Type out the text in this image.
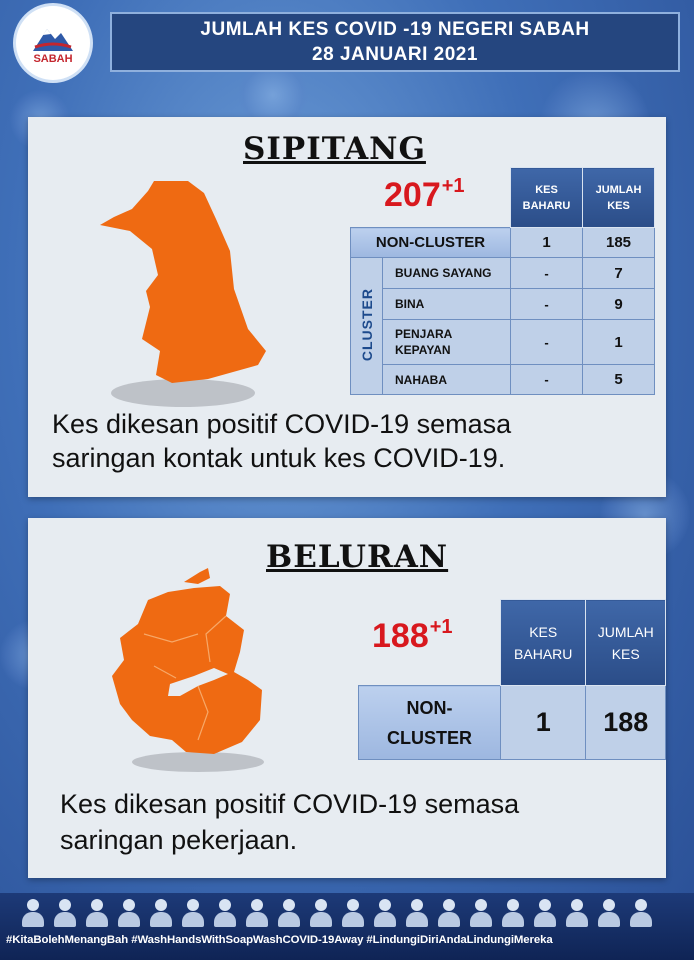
SABAH
JUMLAH KES COVID -19 NEGERI SABAH
28 JANUARI 2021
SIPITANG
$207^{+1}$
			KES BAHARU	JUMLAH KES
NON-CLUSTER		1	185
CLUSTER	BUANG SAYANG	-	7
	BINA	-	9
	PENJARA KEPAYAN	-	1
	NAHABA	-	5
Kes dikesan positif COVID-19 semasa
saringan kontak untuk kes COVID-19.
BELURAN
$188^{+1}$
		KES BAHARU	JUMLAH KES
NON-CLUSTER	1	188
Kes dikesan positif COVID-19 semasa
saringan pekerjaan.
#KitaBolehMenangBah #WashHandsWithSoapWashCOVID-19Away #LindungiDiriAndaLindungiMereka
